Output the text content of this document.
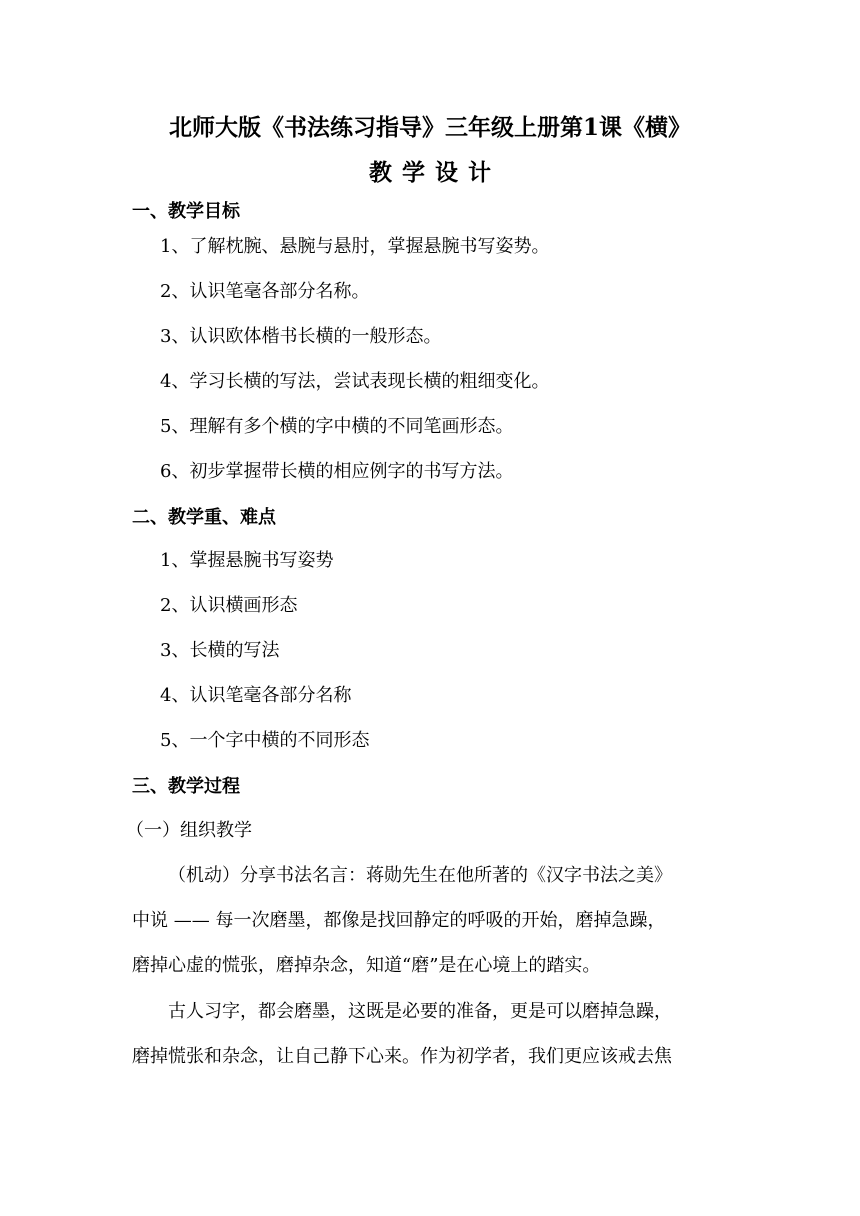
北师大版《书法练习指导》三年级上册第1课《横》
教学设计
一、教学目标
1、了解枕腕、悬腕与悬肘，掌握悬腕书写姿势。
2、认识笔毫各部分名称。
3、认识欧体楷书长横的一般形态。
4、学习长横的写法，尝试表现长横的粗细变化。
5、理解有多个横的字中横的不同笔画形态。
6、初步掌握带长横的相应例字的书写方法。
二、教学重、难点
1、掌握悬腕书写姿势
2、认识横画形态
3、长横的写法
4、认识笔毫各部分名称
5、一个字中横的不同形态
三、教学过程
（一）组织教学
（机动）分享书法名言：蒋勋先生在他所著的《汉字书法之美》
中说 —— 每一次磨墨，都像是找回静定的呼吸的开始，磨掉急躁，
磨掉心虚的慌张，磨掉杂念，知道“磨”是在心境上的踏实。
古人习字，都会磨墨，这既是必要的准备，更是可以磨掉急躁，
磨掉慌张和杂念，让自己静下心来。作为初学者，我们更应该戒去焦
